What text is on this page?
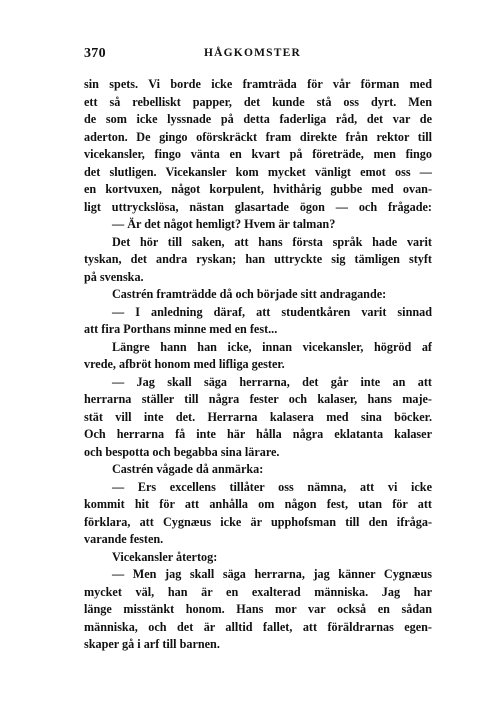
370	HÅGKOMSTER
sin spets. Vi borde icke framträda för vår förman med
ett så rebelliskt papper, det kunde stå oss dyrt. Men
de som icke lyssnade på detta faderliga råd, det var de
aderton. De gingo oförskräckt fram direkte från rektor till
vicekansler, fingo vänta en kvart på företräde, men fingo
det slutligen. Vicekansler kom mycket vänligt emot oss —
en kortvuxen, något korpulent, hvithårig gubbe med ovan-
ligt uttryckslösa, nästan glasartade ögon — och frågade:
— Är det något hemligt? Hvem är talman?
Det hör till saken, att hans första språk hade varit
tyskan, det andra ryskan; han uttryckte sig tämligen styft
på svenska.
Castrén framträdde då och började sitt andragande:
— I anledning däraf, att studentkåren varit sinnad
att fira Porthans minne med en fest...
Längre hann han icke, innan vicekansler, högröd af
vrede, afbröt honom med lifliga gester.
— Jag skall säga herrarna, det går inte an att
herrarna ställer till några fester och kalaser, hans maje-
stät vill inte det. Herrarna kalasera med sina böcker.
Och herrarna få inte här hålla några eklatanta kalaser
och bespotta och begabba sina lärare.
Castrén vågade då anmärka:
— Ers excellens tillåter oss nämna, att vi icke
kommit hit för att anhålla om någon fest, utan för att
förklara, att Cygnæus icke är upphofsman till den ifråga-
varande festen.
Vicekansler återtog:
— Men jag skall säga herrarna, jag känner Cygnæus
mycket väl, han är en exalterad människa. Jag har
länge misstänkt honom. Hans mor var också en sådan
människa, och det är alltid fallet, att föräldrarnas egen-
skaper gå i arf till barnen.
